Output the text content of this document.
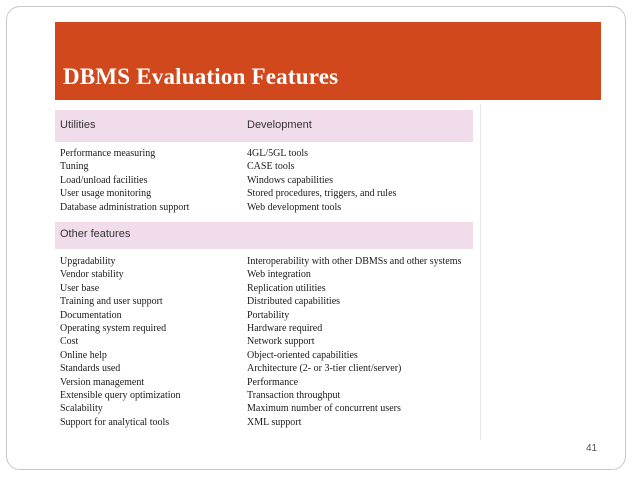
DBMS Evaluation Features
Utilities	Development
Performance measuring
Tuning
Load/unload facilities
User usage monitoring
Database administration support
4GL/5GL tools
CASE tools
Windows capabilities
Stored procedures, triggers, and rules
Web development tools
Other features
Upgradability
Vendor stability
User base
Training and user support
Documentation
Operating system required
Cost
Online help
Standards used
Version management
Extensible query optimization
Scalability
Support for analytical tools
Interoperability with other DBMSs and other systems
Web integration
Replication utilities
Distributed capabilities
Portability
Hardware required
Network support
Object-oriented capabilities
Architecture (2- or 3-tier client/server)
Performance
Transaction throughput
Maximum number of concurrent users
XML support
41
